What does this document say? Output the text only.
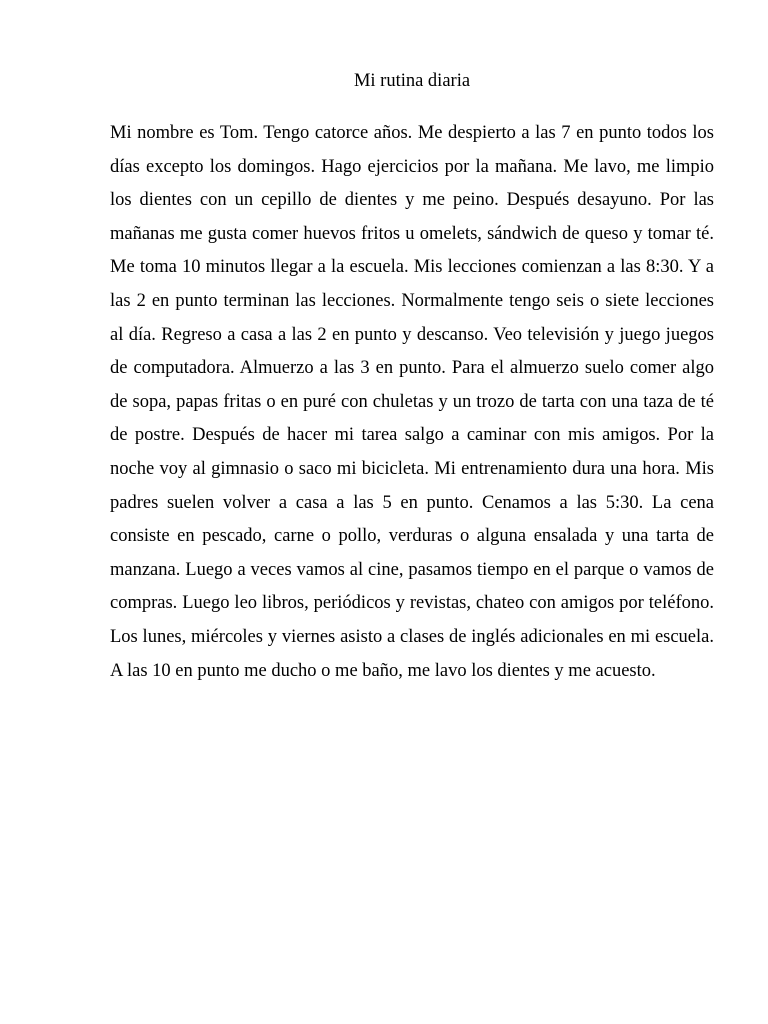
Mi rutina diaria

Mi nombre es Tom. Tengo catorce años. Me despierto a las 7 en punto todos los días excepto los domingos. Hago ejercicios por la mañana. Me lavo, me limpio los dientes con un cepillo de dientes y me peino. Después desayuno. Por las mañanas me gusta comer huevos fritos u omelets, sándwich de queso y tomar té. Me toma 10 minutos llegar a la escuela. Mis lecciones comienzan a las 8:30. Y a las 2 en punto terminan las lecciones. Normalmente tengo seis o siete lecciones al día. Regreso a casa a las 2 en punto y descanso. Veo televisión y juego juegos de computadora. Almuerzo a las 3 en punto. Para el almuerzo suelo comer algo de sopa, papas fritas o en puré con chuletas y un trozo de tarta con una taza de té de postre. Después de hacer mi tarea salgo a caminar con mis amigos. Por la noche voy al gimnasio o saco mi bicicleta. Mi entrenamiento dura una hora. Mis padres suelen volver a casa a las 5 en punto. Cenamos a las 5:30. La cena consiste en pescado, carne o pollo, verduras o alguna ensalada y una tarta de manzana. Luego a veces vamos al cine, pasamos tiempo en el parque o vamos de compras. Luego leo libros, periódicos y revistas, chateo con amigos por teléfono. Los lunes, miércoles y viernes asisto a clases de inglés adicionales en mi escuela. A las 10 en punto me ducho o me baño, me lavo los dientes y me acuesto.
